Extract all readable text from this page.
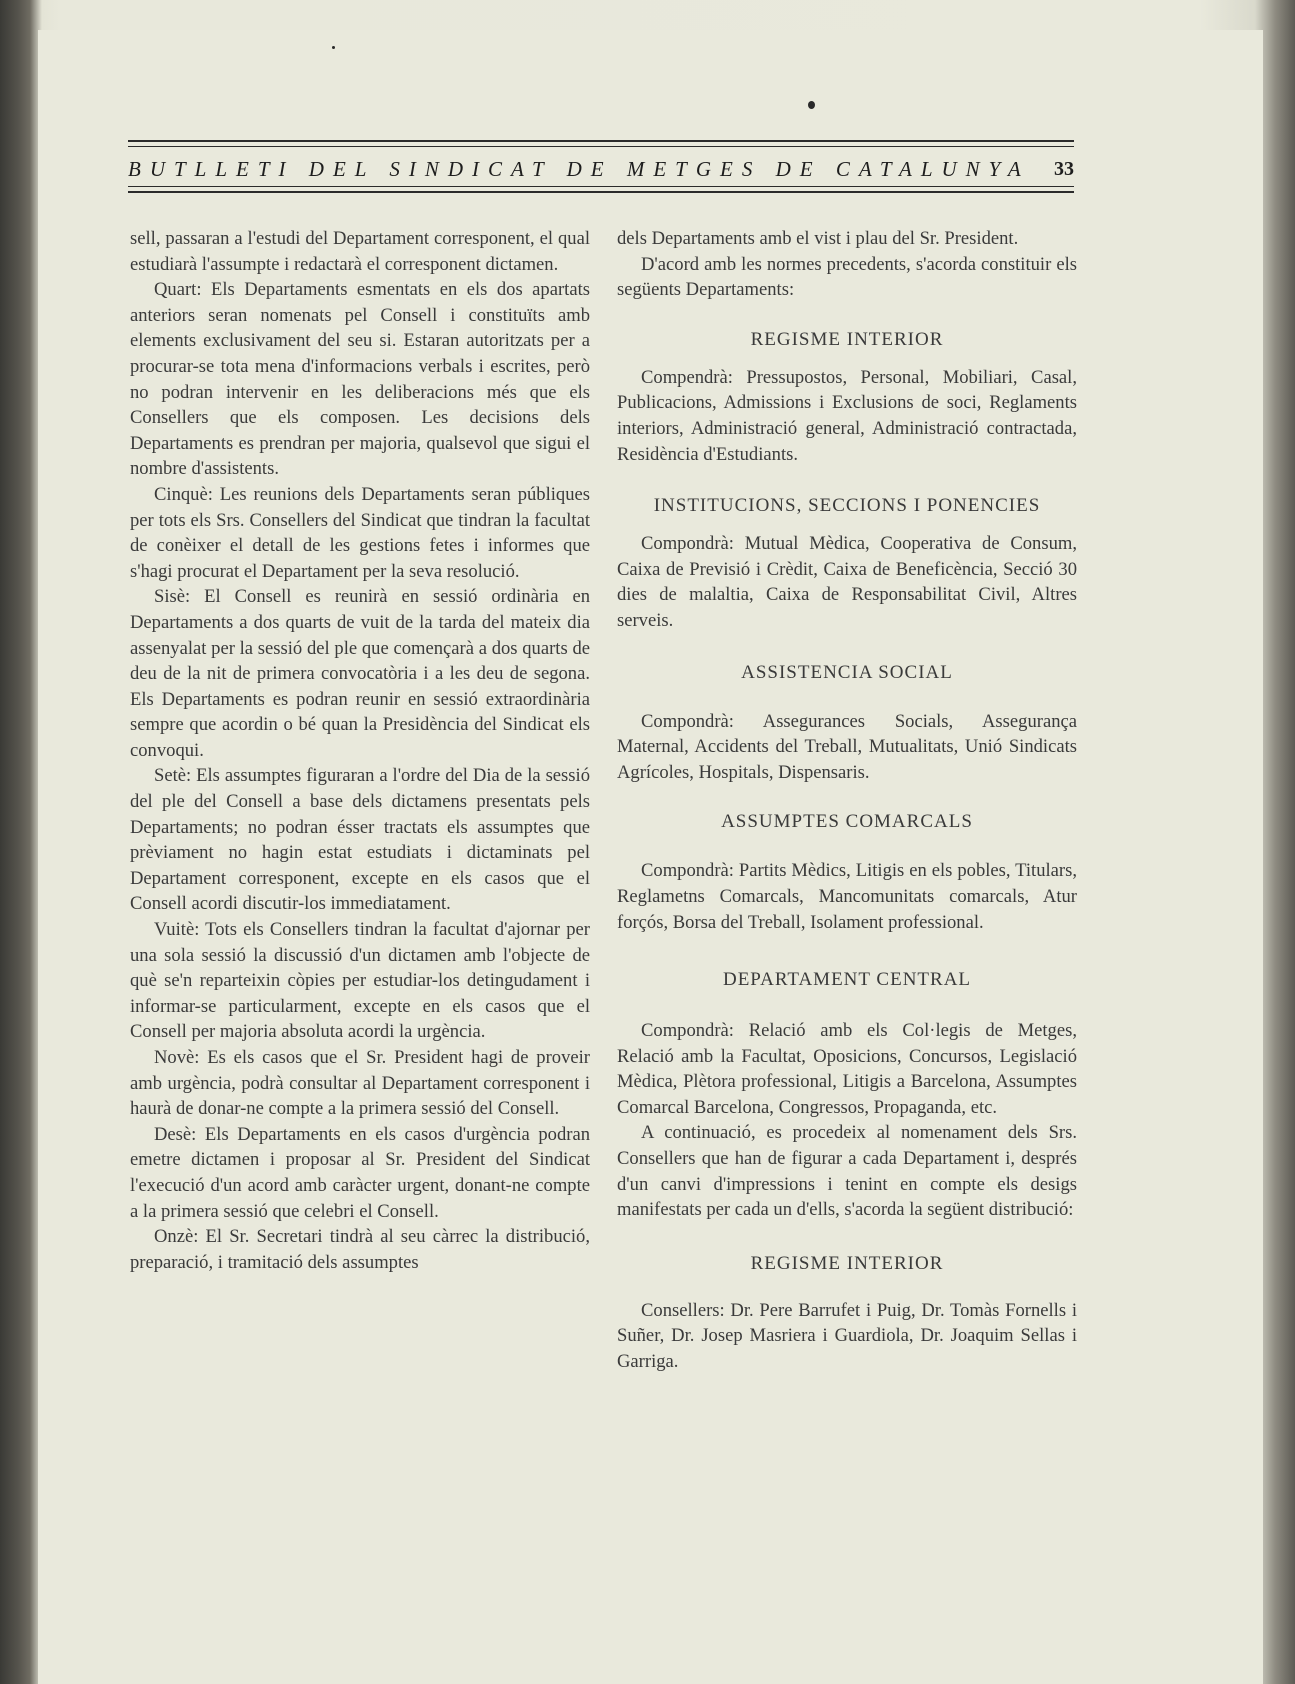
BUTLLETI DEL SINDICAT DE METGES DE CATALUNYA 33

sell, passaran a l'estudi del Departament corresponent, el qual estudiarà l'assumpte i redactarà el corresponent dictamen.

Quart: Els Departaments esmentats en els dos apartats anteriors seran nomenats pel Consell i constituïts amb elements exclusivament del seu si. Estaran autoritzats per a procurar-se tota mena d'informacions verbals i escrites, però no podran intervenir en les deliberacions més que els Consellers que els composen. Les decisions dels Departaments es prendran per majoria, qualsevol que sigui el nombre d'assistents.

Cinquè: Les reunions dels Departaments seran públiques per tots els Srs. Consellers del Sindicat que tindran la facultat de conèixer el detall de les gestions fetes i informes que s'hagi procurat el Departament per la seva resolució.

Sisè: El Consell es reunirà en sessió ordinària en Departaments a dos quarts de vuit de la tarda del mateix dia assenyalat per la sessió del ple que començarà a dos quarts de deu de la nit de primera convocatòria i a les deu de segona. Els Departaments es podran reunir en sessió extraordinària sempre que acordin o bé quan la Presidència del Sindicat els convoqui.

Setè: Els assumptes figuraran a l'ordre del Dia de la sessió del ple del Consell a base dels dictamens presentats pels Departaments; no podran ésser tractats els assumptes que prèviament no hagin estat estudiats i dictaminats pel Departament corresponent, excepte en els casos que el Consell acordi discutir-los immediatament.

Vuitè: Tots els Consellers tindran la facultat d'ajornar per una sola sessió la discussió d'un dictamen amb l'objecte de què se'n reparteixin còpies per estudiar-los detingudament i informar-se particularment, excepte en els casos que el Consell per majoria absoluta acordi la urgència.

Novè: Es els casos que el Sr. President hagi de proveir amb urgència, podrà consultar al Departament corresponent i haurà de donar-ne compte a la primera sessió del Consell.

Desè: Els Departaments en els casos d'urgència podran emetre dictamen i proposar al Sr. President del Sindicat l'execució d'un acord amb caràcter urgent, donant-ne compte a la primera sessió que celebri el Consell.

Onzè: El Sr. Secretari tindrà al seu càrrec la distribució, preparació, i tramitació dels assumptes

dels Departaments amb el vist i plau del Sr. President.

D'acord amb les normes precedents, s'acorda constituir els següents Departaments:

REGISME INTERIOR

Compendrà: Pressupostos, Personal, Mobiliari, Casal, Publicacions, Admissions i Exclusions de soci, Reglaments interiors, Administració general, Administració contractada, Residència d'Estudiants.

INSTITUCIONS, SECCIONS I PONENCIES

Compondrà: Mutual Mèdica, Cooperativa de Consum, Caixa de Previsió i Crèdit, Caixa de Beneficència, Secció 30 dies de malaltia, Caixa de Responsabilitat Civil, Altres serveis.

ASSISTENCIA SOCIAL

Compondrà: Assegurances Socials, Assegurança Maternal, Accidents del Treball, Mutualitats, Unió Sindicats Agrícoles, Hospitals, Dispensaris.

ASSUMPTES COMARCALS

Compondrà: Partits Mèdics, Litigis en els pobles, Titulars, Reglametns Comarcals, Mancomunitats comarcals, Atur forçós, Borsa del Treball, Isolament professional.

DEPARTAMENT CENTRAL

Compondrà: Relació amb els Col·legis de Metges, Relació amb la Facultat, Oposicions, Concursos, Legislació Mèdica, Plètora professional, Litigis a Barcelona, Assumptes Comarcal Barcelona, Congressos, Propaganda, etc.

A continuació, es procedeix al nomenament dels Srs. Consellers que han de figurar a cada Departament i, després d'un canvi d'impressions i tenint en compte els desigs manifestats per cada un d'ells, s'acorda la següent distribució:

REGISME INTERIOR

Consellers: Dr. Pere Barrufet i Puig, Dr. Tomàs Fornells i Suñer, Dr. Josep Masriera i Guardiola, Dr. Joaquim Sellas i Garriga.
